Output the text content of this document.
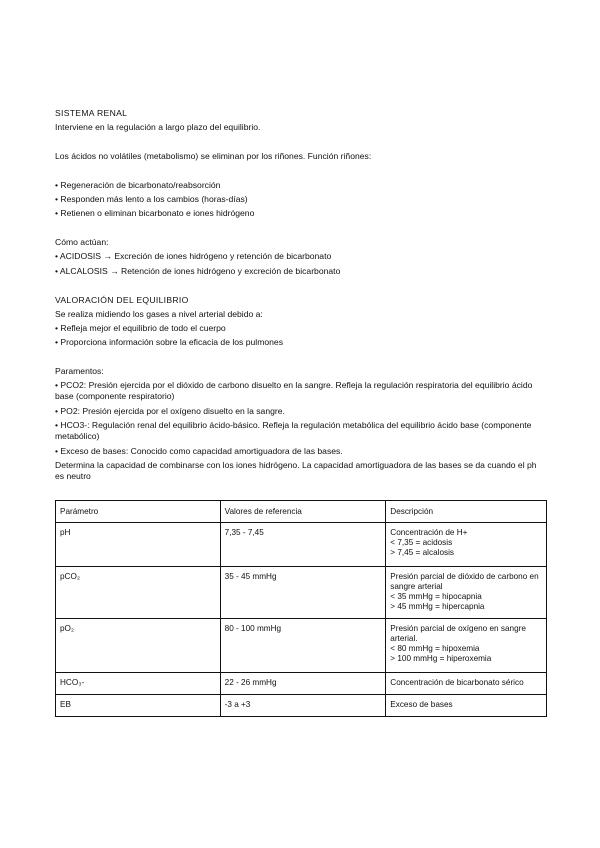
SISTEMA RENAL
Interviene en la regulación a largo plazo del equilibrio.
Los ácidos no volátiles (metabolismo) se eliminan por los riñones. Función riñones:
• Regeneración de bicarbonato/reabsorción
• Responden más lento a los cambios (horas-días)
• Retienen o eliminan bicarbonato e iones hidrógeno
Cómo actúan:
• ACIDOSIS → Excreción de iones hidrógeno y retención de bicarbonato
• ALCALOSIS → Retención de iones hidrógeno y excreción de bicarbonato
VALORACIÓN DEL EQUILIBRIO
Se realiza midiendo los gases a nivel arterial debido a:
• Refleja mejor el equilibrio de todo el cuerpo
• Proporciona información sobre la eficacia de los pulmones
Paramentos:
• PCO2: Presión ejercida por el dióxido de carbono disuelto en la sangre. Refleja la regulación respiratoria del equilibrio ácido base (componente respiratorio)
• PO2: Presión ejercida por el oxígeno disuelto en la sangre.
• HCO3-: Regulación renal del equilibrio ácido-básico. Refleja la regulación metabólica del equilibrio ácido base (componente metabólico)
• Exceso de bases: Conocido como capacidad amortiguadora de las bases.
Determina la capacidad de combinarse con los iones hidrógeno. La capacidad amortiguadora de las bases se da cuando el ph es neutro
Parámetro	Valores de referencia	Descripción
pH	7,35 - 7,45	Concentración de H+
< 7,35 = acidosis
> 7,45 = alcalosis

pCO₂	35 - 45 mmHg	Presión parcial de dióxido de carbono en sangre arterial
< 35 mmHg = hipocapnia
> 45 mmHg = hipercapnia

pO₂	80 - 100 mmHg	Presión parcial de oxígeno en sangre arterial.
< 80 mmHg = hipoxemia
> 100 mmHg = hiperoxemia

HCO₃-	22 - 26 mmHg	Concentración de bicarbonato sérico

EB	-3 a +3	Exceso de bases
